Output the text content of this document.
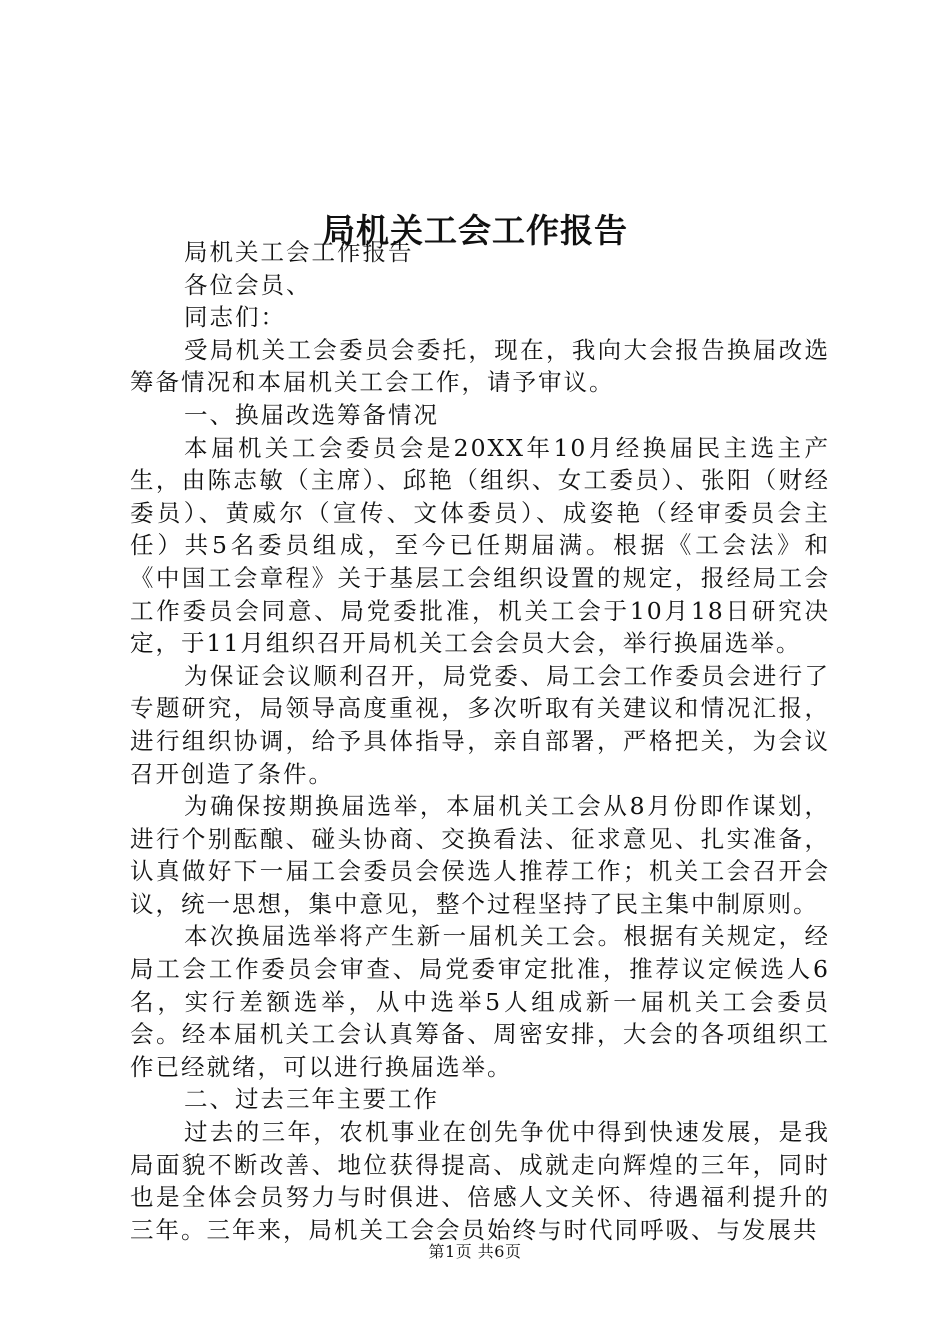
局机关工会工作报告

局机关工会工作报告

各位会员、

同志们：

受局机关工会委员会委托，现在，我向大会报告换届改选筹备情况和本届机关工会工作，请予审议。

一、换届改选筹备情况

本届机关工会委员会是20XX年10月经换届民主选主产生，由陈志敏（主席）、邱艳（组织、女工委员）、张阳（财经委员）、黄威尔（宣传、文体委员）、成姿艳（经审委员会主任）共5名委员组成，至今已任期届满。根据《工会法》和《中国工会章程》关于基层工会组织设置的规定，报经局工会工作委员会同意、局党委批准，机关工会于10月18日研究决定，于11月组织召开局机关工会会员大会，举行换届选举。

为保证会议顺利召开，局党委、局工会工作委员会进行了专题研究，局领导高度重视，多次听取有关建议和情况汇报，进行组织协调，给予具体指导，亲自部署，严格把关，为会议召开创造了条件。

为确保按期换届选举，本届机关工会从8月份即作谋划，进行个别酝酿、碰头协商、交换看法、征求意见、扎实准备，认真做好下一届工会委员会侯选人推荐工作；机关工会召开会议，统一思想，集中意见，整个过程坚持了民主集中制原则。

本次换届选举将产生新一届机关工会。根据有关规定，经局工会工作委员会审查、局党委审定批准，推荐议定候选人6名，实行差额选举，从中选举5人组成新一届机关工会委员会。经本届机关工会认真筹备、周密安排，大会的各项组织工作已经就绪，可以进行换届选举。

二、过去三年主要工作

过去的三年，农机事业在创先争优中得到快速发展，是我局面貌不断改善、地位获得提高、成就走向辉煌的三年，同时也是全体会员努力与时俱进、倍感人文关怀、待遇福利提升的三年。三年来，局机关工会会员始终与时代同呼吸、与发展共

第1页 共6页
